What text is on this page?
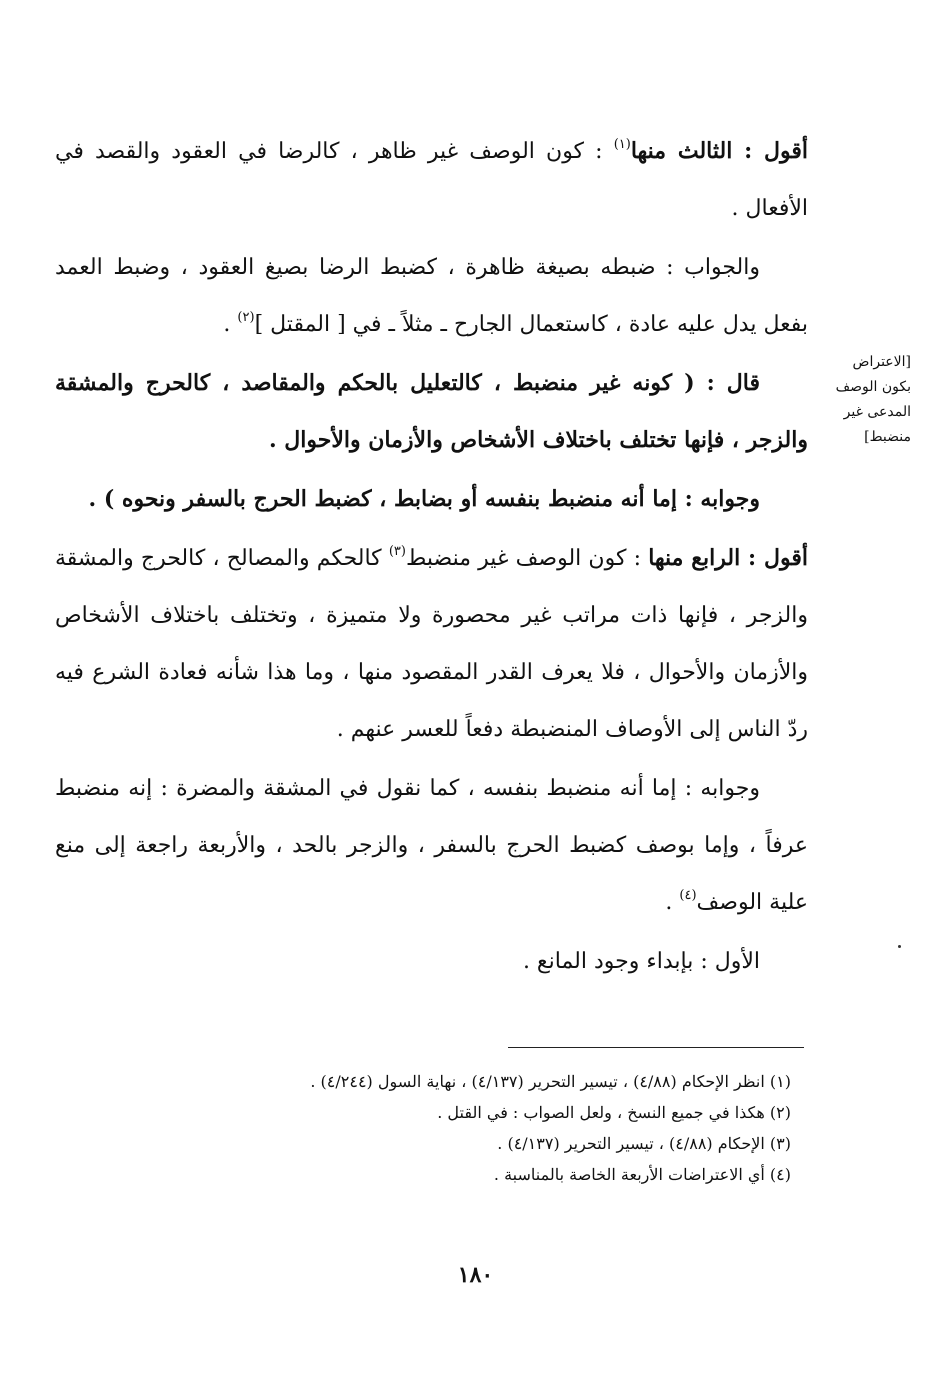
أقول : الثالث منها$^{(١)}$ : كون الوصف غير ظاهر ، كالرضا في العقود والقصد في الأفعال .

والجواب : ضبطه بصيغة ظاهرة ، كضبط الرضا بصيغ العقود ، وضبط العمد بفعل يدل عليه عادة ، كاستعمال الجارح ـ مثلاً ـ في [ المقتل ]$^{(٢)}$ .

قال : ( كونه غير منضبط ، كالتعليل بالحكم والمقاصد ، كالحرج والمشقة والزجر ، فإنها تختلف باختلاف الأشخاص والأزمان والأحوال .

وجوابه : إما أنه منضبط بنفسه أو بضابط ، كضبط الحرج بالسفر ونحوه ) .

أقول : الرابع منها : كون الوصف غير منضبط$^{(٣)}$ كالحكم والمصالح ، كالحرج والمشقة والزجر ، فإنها ذات مراتب غير محصورة ولا متميزة ، وتختلف باختلاف الأشخاص والأزمان والأحوال ، فلا يعرف القدر المقصود منها ، وما هذا شأنه فعادة الشرع فيه ردّ الناس إلى الأوصاف المنضبطة دفعاً للعسر عنهم .

وجوابه : إما أنه منضبط بنفسه ، كما نقول في المشقة والمضرة : إنه منضبط عرفاً ، وإما بوصف كضبط الحرج بالسفر ، والزجر بالحد ، والأربعة راجعة إلى منع علية الوصف$^{(٤)}$ .

الأول : بإبداء وجود المانع .

[الاعتراض
بكون الوصف
المدعى غير
منضبط]
(١) انظر الإحكام (٤/٨٨) ، تيسير التحرير (٤/١٣٧) ، نهاية السول (٤/٢٤٤) .
(٢) هكذا في جميع النسخ ، ولعل الصواب : في القتل .
(٣) الإحكام (٤/٨٨) ، تيسير التحرير (٤/١٣٧) .
(٤) أي الاعتراضات الأربعة الخاصة بالمناسبة .
١٨٠
